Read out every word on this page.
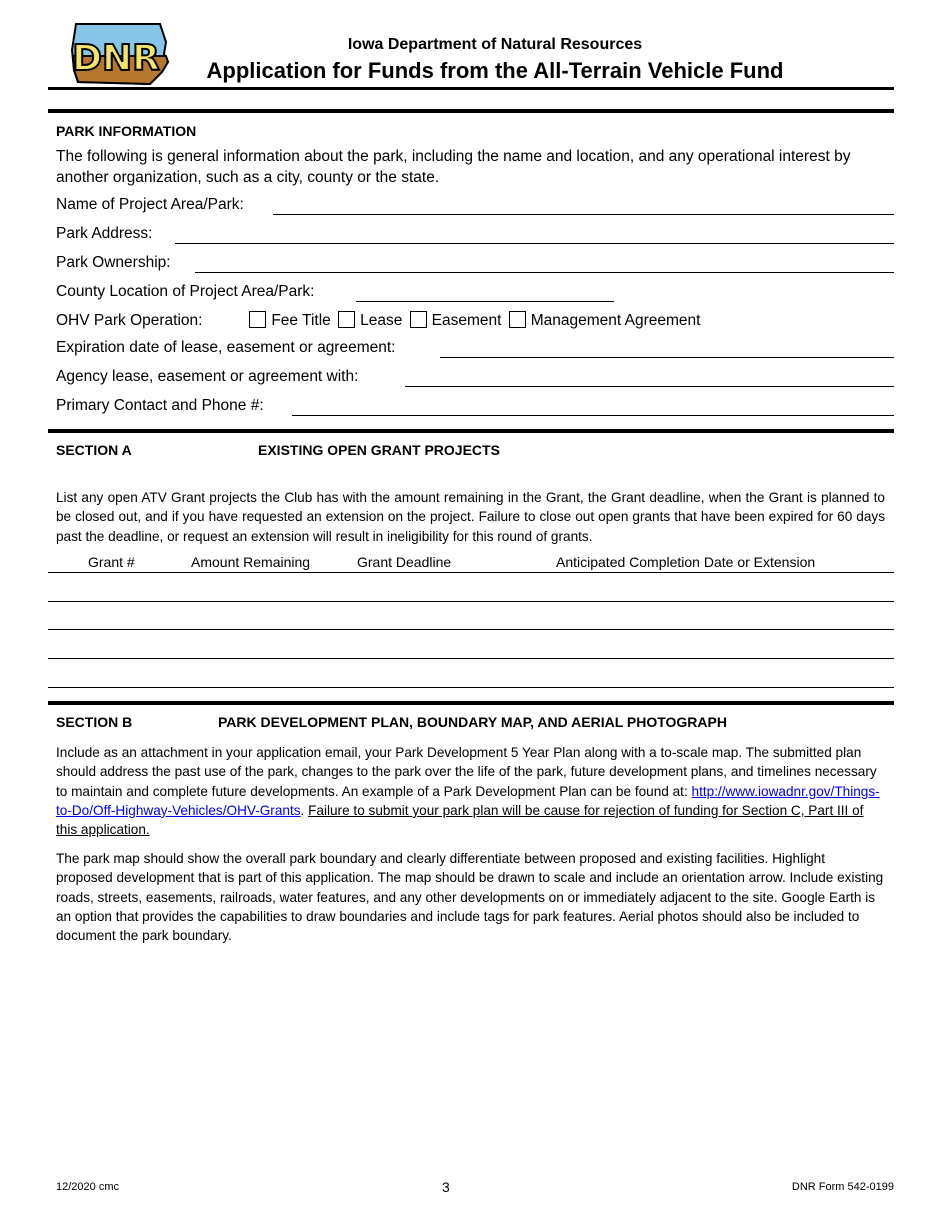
DNR	Iowa Department of Natural Resources
Application for Funds from the All-Terrain Vehicle Fund
PARK INFORMATION
The following is general information about the park, including the name and location, and any operational interest by another organization, such as a city, county or the state.
Name of Project Area/Park:
Park Address:
Park Ownership:
County Location of Project Area/Park:
OHV Park Operation:	Fee Title Lease Easement Management Agreement
Expiration date of lease, easement or agreement:
Agency lease, easement or agreement with:
Primary Contact and Phone #:
SECTION A	EXISTING OPEN GRANT PROJECTS
List any open ATV Grant projects the Club has with the amount remaining in the Grant, the Grant deadline, when the Grant is planned to be closed out, and if you have requested an extension on the project. Failure to close out open grants that have been expired for 60 days past the deadline, or request an extension will result in ineligibility for this round of grants.
Grant #	Amount Remaining	Grant Deadline	Anticipated Completion Date or Extension
SECTION B	PARK DEVELOPMENT PLAN, BOUNDARY MAP, AND AERIAL PHOTOGRAPH
Include as an attachment in your application email, your Park Development 5 Year Plan along with a to-scale map. The submitted plan should address the past use of the park, changes to the park over the life of the park, future development plans, and timelines necessary to maintain and complete future developments. An example of a Park Development Plan can be found at: http://www.iowadnr.gov/Things-to-Do/Off-Highway-Vehicles/OHV-Grants. Failure to submit your park plan will be cause for rejection of funding for Section C, Part III of this application.
The park map should show the overall park boundary and clearly differentiate between proposed and existing facilities. Highlight proposed development that is part of this application. The map should be drawn to scale and include an orientation arrow. Include existing roads, streets, easements, railroads, water features, and any other developments on or immediately adjacent to the site. Google Earth is an option that provides the capabilities to draw boundaries and include tags for park features. Aerial photos should also be included to document the park boundary.
12/2020 cmc	3	DNR Form 542-0199
